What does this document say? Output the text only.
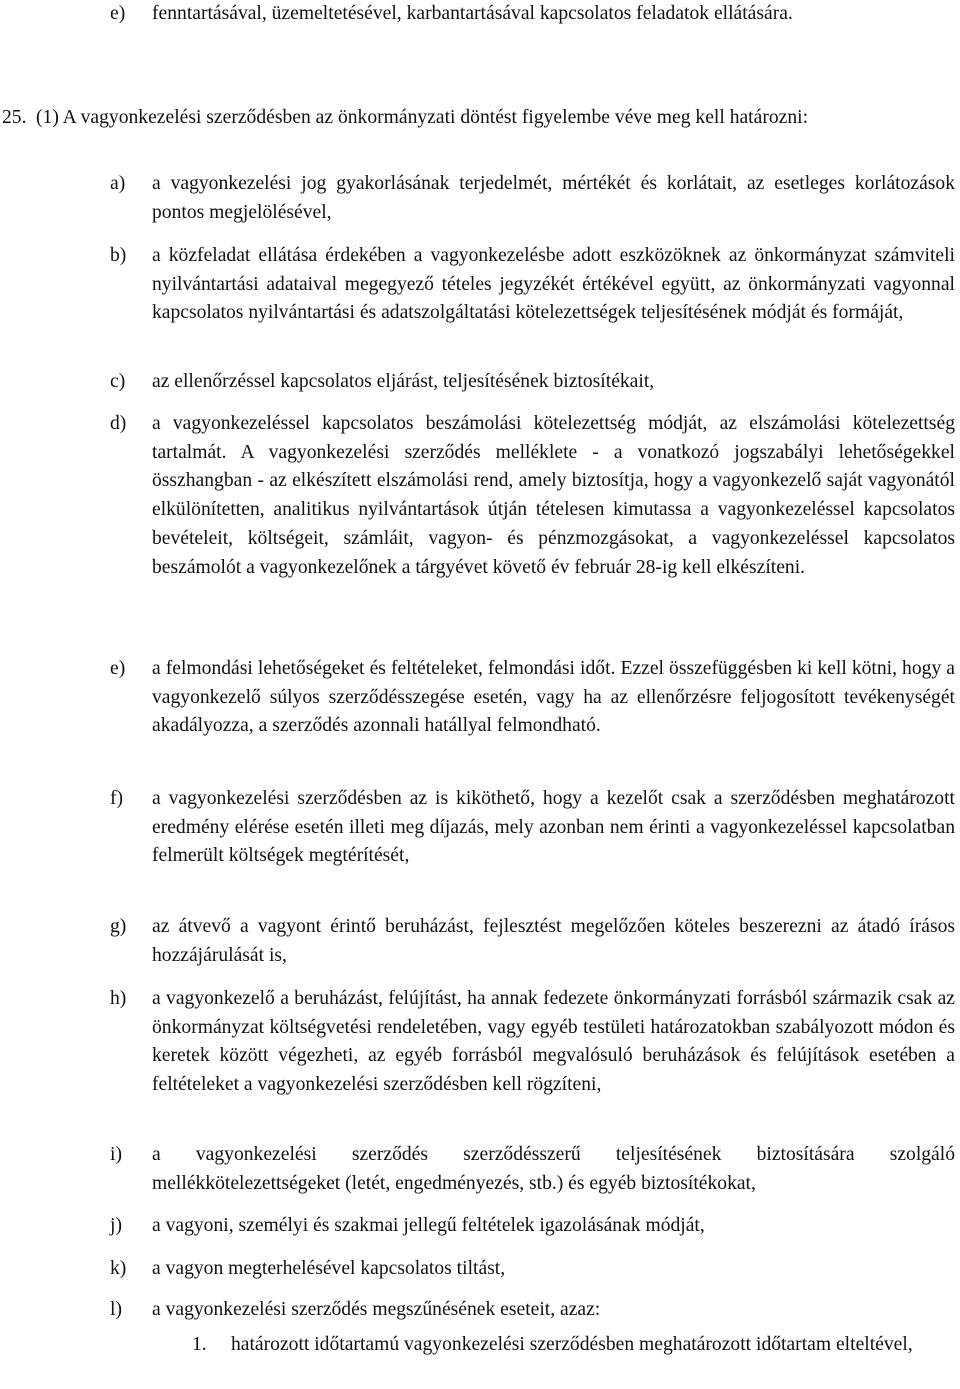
e) fenntartásával, üzemeltetésével, karbantartásával kapcsolatos feladatok ellátására.

25. (1) A vagyonkezelési szerződésben az önkormányzati döntést figyelembe véve meg kell határozni:

a) a vagyonkezelési jog gyakorlásának terjedelmét, mértékét és korlátait, az esetleges korlátozások pontos megjelölésével,

b) a közfeladat ellátása érdekében a vagyonkezelésbe adott eszközöknek az önkormányzat számviteli nyilvántartási adataival megegyező tételes jegyzékét értékével együtt, az önkormányzati vagyonnal kapcsolatos nyilvántartási és adatszolgáltatási kötelezettségek teljesítésének módját és formáját,

c) az ellenőrzéssel kapcsolatos eljárást, teljesítésének biztosítékait,

d) a vagyonkezeléssel kapcsolatos beszámolási kötelezettség módját, az elszámolási kötelezettség tartalmát. A vagyonkezelési szerződés melléklete - a vonatkozó jogszabályi lehetőségekkel összhangban - az elkészített elszámolási rend, amely biztosítja, hogy a vagyonkezelő saját vagyonától elkülönítetten, analitikus nyilvántartások útján tételesen kimutassa a vagyonkezeléssel kapcsolatos bevételeit, költségeit, számláit, vagyon- és pénzmozgásokat, a vagyonkezeléssel kapcsolatos beszámolót a vagyonkezelőnek a tárgyévet követő év február 28-ig kell elkészíteni.

e) a felmondási lehetőségeket és feltételeket, felmondási időt. Ezzel összefüggésben ki kell kötni, hogy a vagyonkezelő súlyos szerződésszegése esetén, vagy ha az ellenőrzésre feljogosított tevékenységét akadályozza, a szerződés azonnali hatállyal felmondható.

f) a vagyonkezelési szerződésben az is kiköthető, hogy a kezelőt csak a szerződésben meghatározott eredmény elérése esetén illeti meg díjazás, mely azonban nem érinti a vagyonkezeléssel kapcsolatban felmerült költségek megtérítését,

g) az átvevő a vagyont érintő beruházást, fejlesztést megelőzően köteles beszerezni az átadó írásos hozzájárulását is,

h) a vagyonkezelő a beruházást, felújítást, ha annak fedezete önkormányzati forrásból származik csak az önkormányzat költségvetési rendeletében, vagy egyéb testületi határozatokban szabályozott módon és keretek között végezheti, az egyéb forrásból megvalósuló beruházások és felújítások esetében a feltételeket a vagyonkezelési szerződésben kell rögzíteni,

i) a vagyonkezelési szerződés szerződésszerű teljesítésének biztosítására szolgáló mellékkötelezettségeket (letét, engedményezés, stb.) és egyéb biztosítékokat,

j) a vagyoni, személyi és szakmai jellegű feltételek igazolásának módját,

k) a vagyon megterhelésével kapcsolatos tiltást,

l) a vagyonkezelési szerződés megszűnésének eseteit, azaz:

1. határozott időtartamú vagyonkezelési szerződésben meghatározott időtartam elteltével,
